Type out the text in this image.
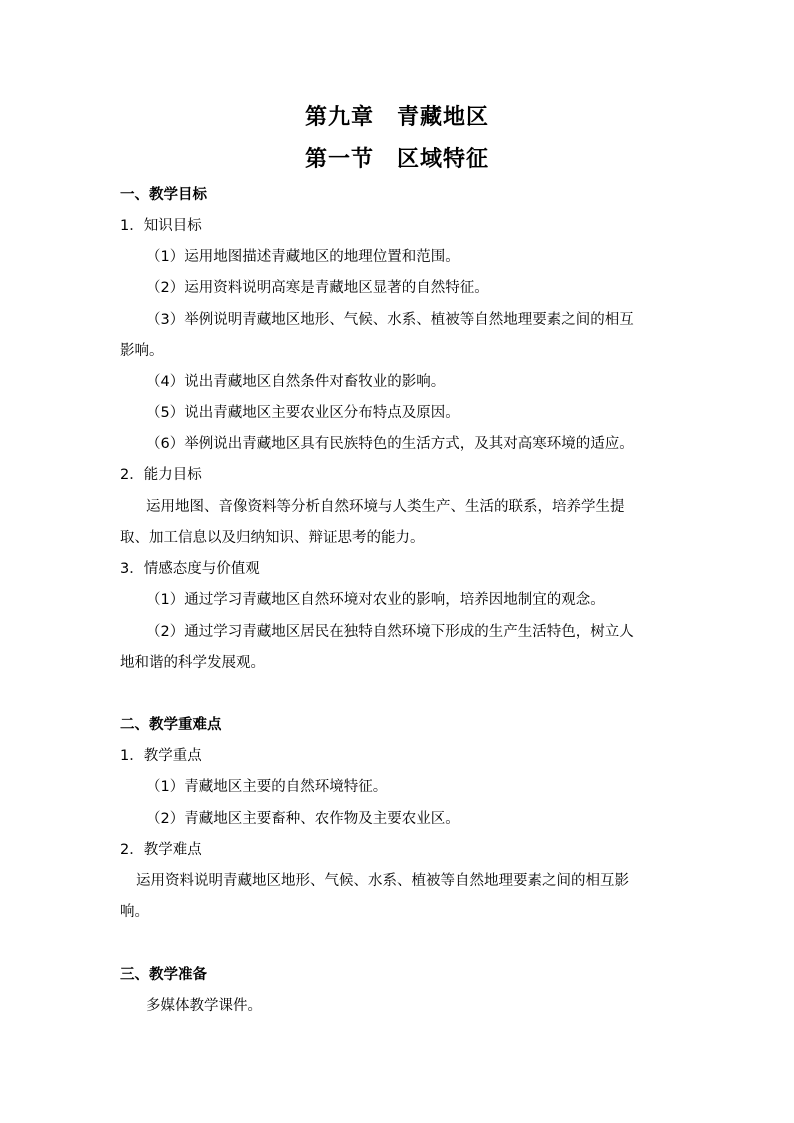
第九章　青藏地区
第一节　区域特征
一、教学目标
1．知识目标
（1）运用地图描述青藏地区的地理位置和范围。
（2）运用资料说明高寒是青藏地区显著的自然特征。
（3）举例说明青藏地区地形、气候、水系、植被等自然地理要素之间的相互
影响。
（4）说出青藏地区自然条件对畜牧业的影响。
（5）说出青藏地区主要农业区分布特点及原因。
（6）举例说出青藏地区具有民族特色的生活方式，及其对高寒环境的适应。
2．能力目标
运用地图、音像资料等分析自然环境与人类生产、生活的联系，培养学生提
取、加工信息以及归纳知识、辩证思考的能力。
3．情感态度与价值观
（1）通过学习青藏地区自然环境对农业的影响，培养因地制宜的观念。
（2）通过学习青藏地区居民在独特自然环境下形成的生产生活特色，树立人
地和谐的科学发展观。
二、教学重难点
1．教学重点
（1）青藏地区主要的自然环境特征。
（2）青藏地区主要畜种、农作物及主要农业区。
2．教学难点
运用资料说明青藏地区地形、气候、水系、植被等自然地理要素之间的相互影
响。
三、教学准备
多媒体教学课件。
